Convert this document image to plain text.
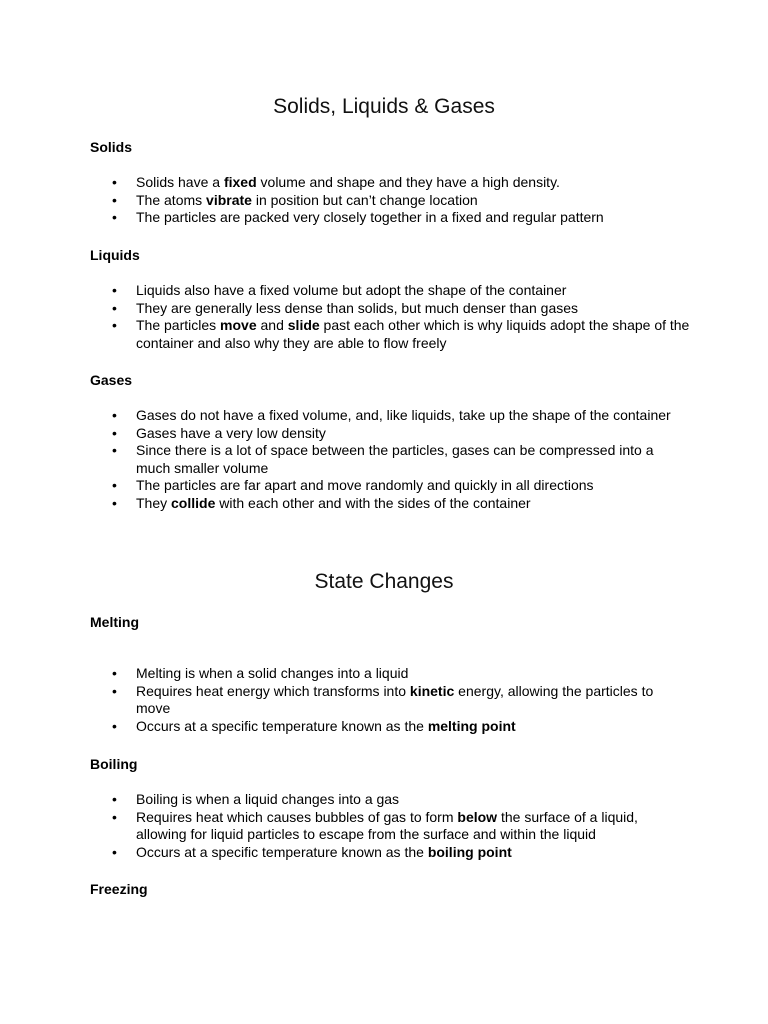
Solids, Liquids & Gases
Solids
• Solids have a fixed volume and shape and they have a high density.
• The atoms vibrate in position but can’t change location
• The particles are packed very closely together in a fixed and regular pattern
Liquids
• Liquids also have a fixed volume but adopt the shape of the container
• They are generally less dense than solids, but much denser than gases
• The particles move and slide past each other which is why liquids adopt the shape of the container and also why they are able to flow freely
Gases
• Gases do not have a fixed volume, and, like liquids, take up the shape of the container
• Gases have a very low density
• Since there is a lot of space between the particles, gases can be compressed into a much smaller volume
• The particles are far apart and move randomly and quickly in all directions
• They collide with each other and with the sides of the container
State Changes
Melting
• Melting is when a solid changes into a liquid
• Requires heat energy which transforms into kinetic energy, allowing the particles to move
• Occurs at a specific temperature known as the melting point
Boiling
• Boiling is when a liquid changes into a gas
• Requires heat which causes bubbles of gas to form below the surface of a liquid, allowing for liquid particles to escape from the surface and within the liquid
• Occurs at a specific temperature known as the boiling point
Freezing
